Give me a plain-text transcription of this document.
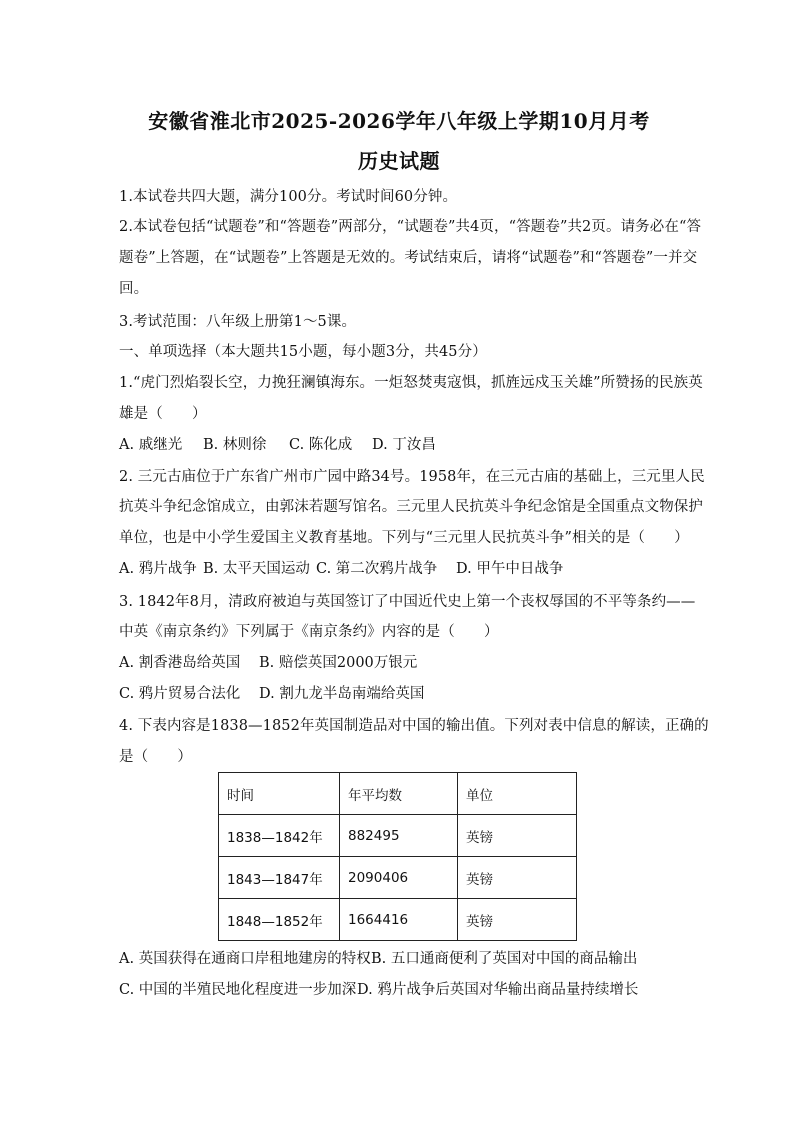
安徽省淮北市2025-2026学年八年级上学期10月月考
历史试题
1.本试卷共四大题，满分100分。考试时间60分钟。
2.本试卷包括“试题卷”和“答题卷”两部分，“试题卷”共4页，“答题卷”共2页。请务必在“答
题卷”上答题，在“试题卷”上答题是无效的。考试结束后，请将“试题卷”和“答题卷”一并交
回。
3.考试范围：八年级上册第1～5课。
一、单项选择（本大题共15小题，每小题3分，共45分）
1.“虎门烈焰裂长空，力挽狂澜镇海东。一炬怒焚夷寇惧，抓旌远戍玉关雄”所赞扬的民族英
雄是（　　）
A. 戚继光 B. 林则徐 C. 陈化成 D. 丁汝昌
2. 三元古庙位于广东省广州市广园中路34号。1958年，在三元古庙的基础上，三元里人民
抗英斗争纪念馆成立，由郭沫若题写馆名。三元里人民抗英斗争纪念馆是全国重点文物保护
单位，也是中小学生爱国主义教育基地。下列与“三元里人民抗英斗争”相关的是（　　）
A. 鸦片战争 B. 太平天国运动 C. 第二次鸦片战争 D. 甲午中日战争
3. 1842年8月，清政府被迫与英国签订了中国近代史上第一个丧权辱国的不平等条约——
中英《南京条约》下列属于《南京条约》内容的是（　　）
A. 割香港岛给英国 B. 赔偿英国2000万银元
C. 鸦片贸易合法化 D. 割九龙半岛南端给英国
4. 下表内容是1838—1852年英国制造品对中国的输出值。下列对表中信息的解读，正确的
是（　　）
时间	年平均数	单位
1838—1842年	882495	英镑
1843—1847年	2090406	英镑
1848—1852年	1664416	英镑
A. 英国获得在通商口岸租地建房的特权B. 五口通商便利了英国对中国的商品输出
C. 中国的半殖民地化程度进一步加深D. 鸦片战争后英国对华输出商品量持续增长
